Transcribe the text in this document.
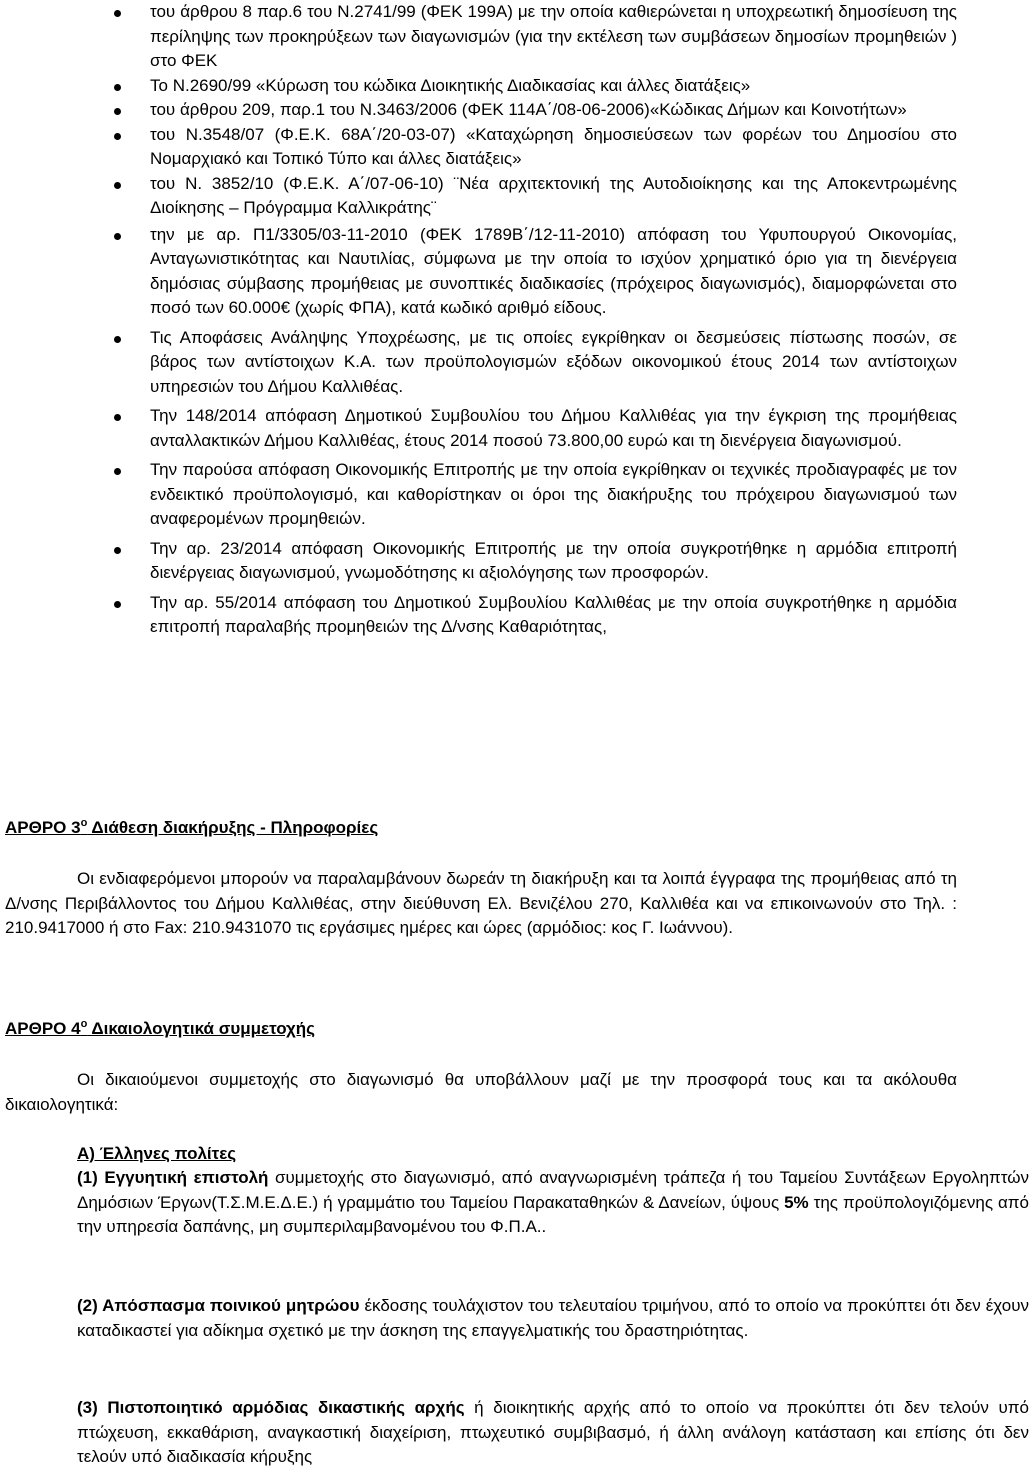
του άρθρου 8 παρ.6 του Ν.2741/99 (ΦΕΚ 199Α) με την οποία καθιερώνεται η υποχρεωτική δημοσίευση της περίληψης των προκηρύξεων των διαγωνισμών (για την εκτέλεση των συμβάσεων δημοσίων προμηθειών ) στο ΦΕΚ
Το Ν.2690/99 «Κύρωση του κώδικα Διοικητικής Διαδικασίας και άλλες διατάξεις»
του άρθρου 209, παρ.1 του Ν.3463/2006 (ΦΕΚ 114Α΄/08-06-2006)«Κώδικας Δήμων και Κοινοτήτων»
του Ν.3548/07 (Φ.Ε.Κ. 68Α΄/20-03-07) «Καταχώρηση δημοσιεύσεων των φορέων του Δημοσίου στο Νομαρχιακό και Τοπικό Τύπο και άλλες διατάξεις»
του Ν. 3852/10 (Φ.Ε.Κ. Α΄/07-06-10) ¨Νέα αρχιτεκτονική της Αυτοδιοίκησης και της Αποκεντρωμένης Διοίκησης – Πρόγραμμα Καλλικράτης¨
την με αρ. Π1/3305/03-11-2010 (ΦΕΚ 1789Β΄/12-11-2010) απόφαση του Υφυπουργού Οικονομίας, Ανταγωνιστικότητας και Ναυτιλίας, σύμφωνα με την οποία το ισχύον χρηματικό όριο για τη διενέργεια δημόσιας σύμβασης προμήθειας με συνοπτικές διαδικασίες (πρόχειρος διαγωνισμός), διαμορφώνεται στο ποσό των 60.000€ (χωρίς ΦΠΑ), κατά κωδικό αριθμό είδους.
Τις Αποφάσεις Ανάληψης Υποχρέωσης, με τις οποίες εγκρίθηκαν οι δεσμεύσεις πίστωσης ποσών, σε βάρος των αντίστοιχων Κ.Α. των προϋπολογισμών εξόδων οικονομικού έτους 2014 των αντίστοιχων υπηρεσιών του Δήμου Καλλιθέας.
Την 148/2014 απόφαση Δημοτικού Συμβουλίου του Δήμου Καλλιθέας για την έγκριση της προμήθειας ανταλλακτικών Δήμου Καλλιθέας, έτους 2014 ποσού 73.800,00 ευρώ και τη διενέργεια διαγωνισμού.
Την παρούσα απόφαση Οικονομικής Επιτροπής με την οποία εγκρίθηκαν οι τεχνικές προδιαγραφές με τον ενδεικτικό προϋπολογισμό, και καθορίστηκαν οι όροι της διακήρυξης του πρόχειρου διαγωνισμού των αναφερομένων προμηθειών.
Την αρ. 23/2014 απόφαση Οικονομικής Επιτροπής με την οποία συγκροτήθηκε η αρμόδια επιτροπή διενέργειας διαγωνισμού, γνωμοδότησης κι αξιολόγησης των προσφορών.
Την αρ. 55/2014 απόφαση του Δημοτικού Συμβουλίου Καλλιθέας με την οποία συγκροτήθηκε η αρμόδια επιτροπή παραλαβής προμηθειών της Δ/νσης Καθαριότητας,
ΑΡΘΡΟ $3^o$ Διάθεση διακήρυξης - Πληροφορίες
Οι ενδιαφερόμενοι μπορούν να παραλαμβάνουν δωρεάν τη διακήρυξη και τα λοιπά έγγραφα της προμήθειας από τη Δ/νσης Περιβάλλοντος του Δήμου Καλλιθέας, στην διεύθυνση Ελ. Βενιζέλου 270, Καλλιθέα και να επικοινωνούν στο Τηλ. : 210.9417000 ή στο Fax: 210.9431070 τις εργάσιμες ημέρες και ώρες (αρμόδιος: κος Γ. Ιωάννου).
ΑΡΘΡΟ $4^o$ Δικαιολογητικά συμμετοχής
Οι δικαιούμενοι συμμετοχής στο διαγωνισμό θα υποβάλλουν μαζί με την προσφορά τους και τα ακόλουθα δικαιολογητικά:
Α) Έλληνες πολίτες
(1) Εγγυητική επιστολή συμμετοχής στο διαγωνισμό, από αναγνωρισμένη τράπεζα ή του Ταμείου Συντάξεων Εργοληπτών Δημόσιων Έργων(Τ.Σ.Μ.Ε.Δ.Ε.) ή γραμμάτιο του Ταμείου Παρακαταθηκών & Δανείων, ύψους 5% της προϋπολογιζόμενης από την υπηρεσία δαπάνης, μη συμπεριλαμβανομένου του Φ.Π.Α..
(2) Απόσπασμα ποινικού μητρώου έκδοσης τουλάχιστον του τελευταίου τριμήνου, από το οποίο να προκύπτει ότι δεν έχουν καταδικαστεί για αδίκημα σχετικό με την άσκηση της επαγγελματικής του δραστηριότητας.
(3) Πιστοποιητικό αρμόδιας δικαστικής αρχής ή διοικητικής αρχής από το οποίο να προκύπτει ότι δεν τελούν υπό πτώχευση, εκκαθάριση, αναγκαστική διαχείριση, πτωχευτικό συμβιβασμό, ή άλλη ανάλογη κατάσταση και επίσης ότι δεν τελούν υπό διαδικασία κήρυξης
